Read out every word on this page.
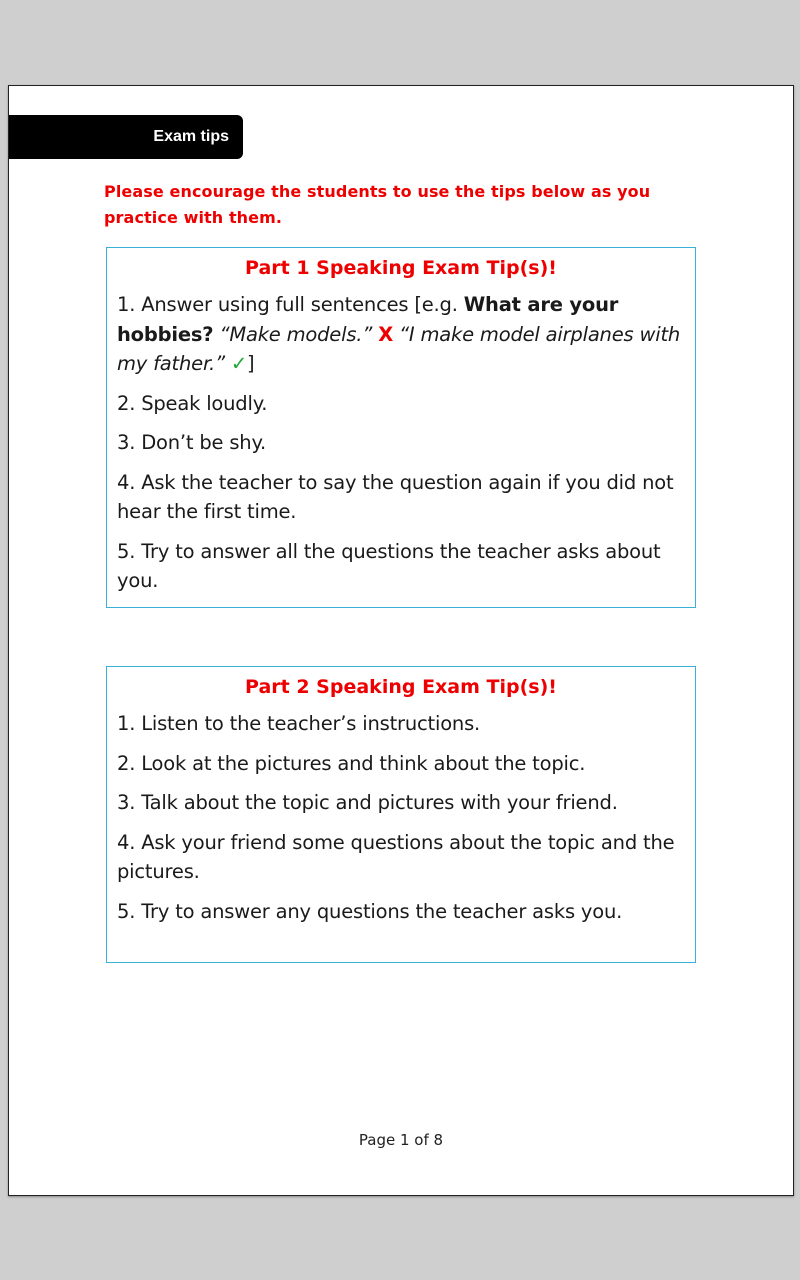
Exam tips
Please encourage the students to use the tips below as you practice with them.
Part 1 Speaking Exam Tip(s)!
1. Answer using full sentences [e.g. What are your hobbies? “Make models.” X “I make model airplanes with my father.” ✓]
2. Speak loudly.
3. Don’t be shy.
4. Ask the teacher to say the question again if you did not hear the first time.
5. Try to answer all the questions the teacher asks about you.
Part 2 Speaking Exam Tip(s)!
1. Listen to the teacher’s instructions.
2. Look at the pictures and think about the topic.
3. Talk about the topic and pictures with your friend.
4. Ask your friend some questions about the topic and the pictures.
5. Try to answer any questions the teacher asks you.
Page 1 of 8
